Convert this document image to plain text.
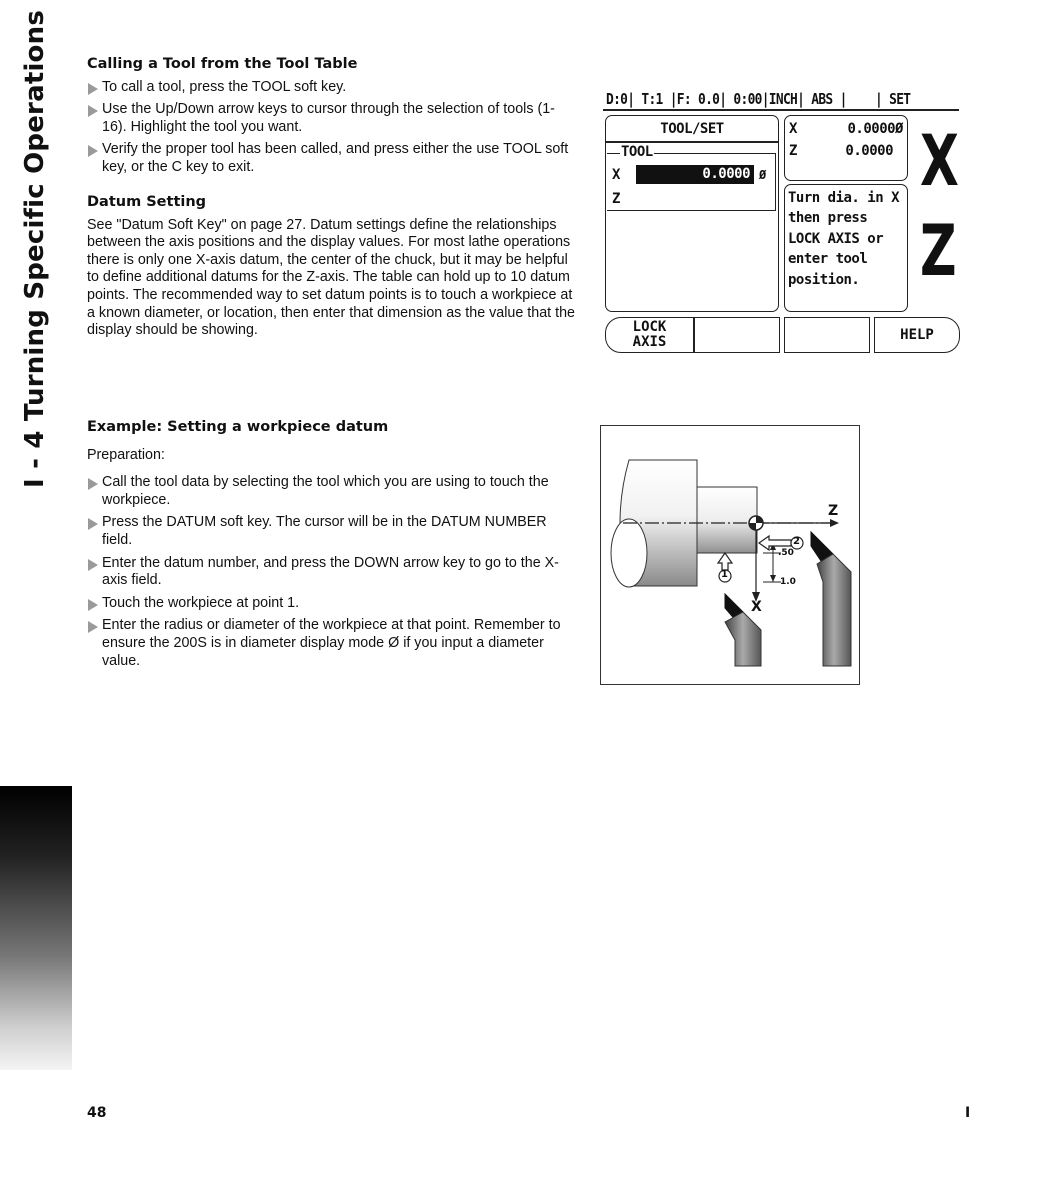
I - 4 Turning Specific Operations	Calling a Tool from the Tool Table

To call a tool, press the TOOL soft key.

Use the Up/Down arrow keys to cursor through the selection of tools (1-16). Highlight the tool you want.

Verify the proper tool has been called, and press either the use TOOL soft key, or the C key to exit.

Datum Setting

See "Datum Soft Key" on page 27. Datum settings define the relationships between the axis positions and the display values. For most lathe operations there is only one X-axis datum, the center of the chuck, but it may be helpful to define additional datums for the Z-axis. The table can hold up to 10 datum points. The recommended way to set datum points is to touch a workpiece at a known diameter, or location, then enter that dimension as the value that the display should be showing.

Example: Setting a workpiece datum

Preparation:

Call the tool data by selecting the tool which you are using to touch the workpiece.

Press the DATUM soft key. The cursor will be in the DATUM NUMBER field.

Enter the datum number, and press the DOWN arrow key to go to the X-axis field.

Touch the workpiece at point 1.

Enter the radius or diameter of the workpiece at that point. Remember to ensure the 200S is in diameter display mode Ø if you input a diameter value.

D:0| T:1 |F: 0.0| 0:00|INCH| ABS |    | SET
TOOL/SET
TOOL
X	0.0000 Ø
Z
X	0.0000Ø
Z	0.0000
Turn dia. in X
then press
LOCK AXIS or
enter tool
position.
X
Z
LOCK
AXIS	HELP
Z
X
2
1
.50
1.0
48	I
